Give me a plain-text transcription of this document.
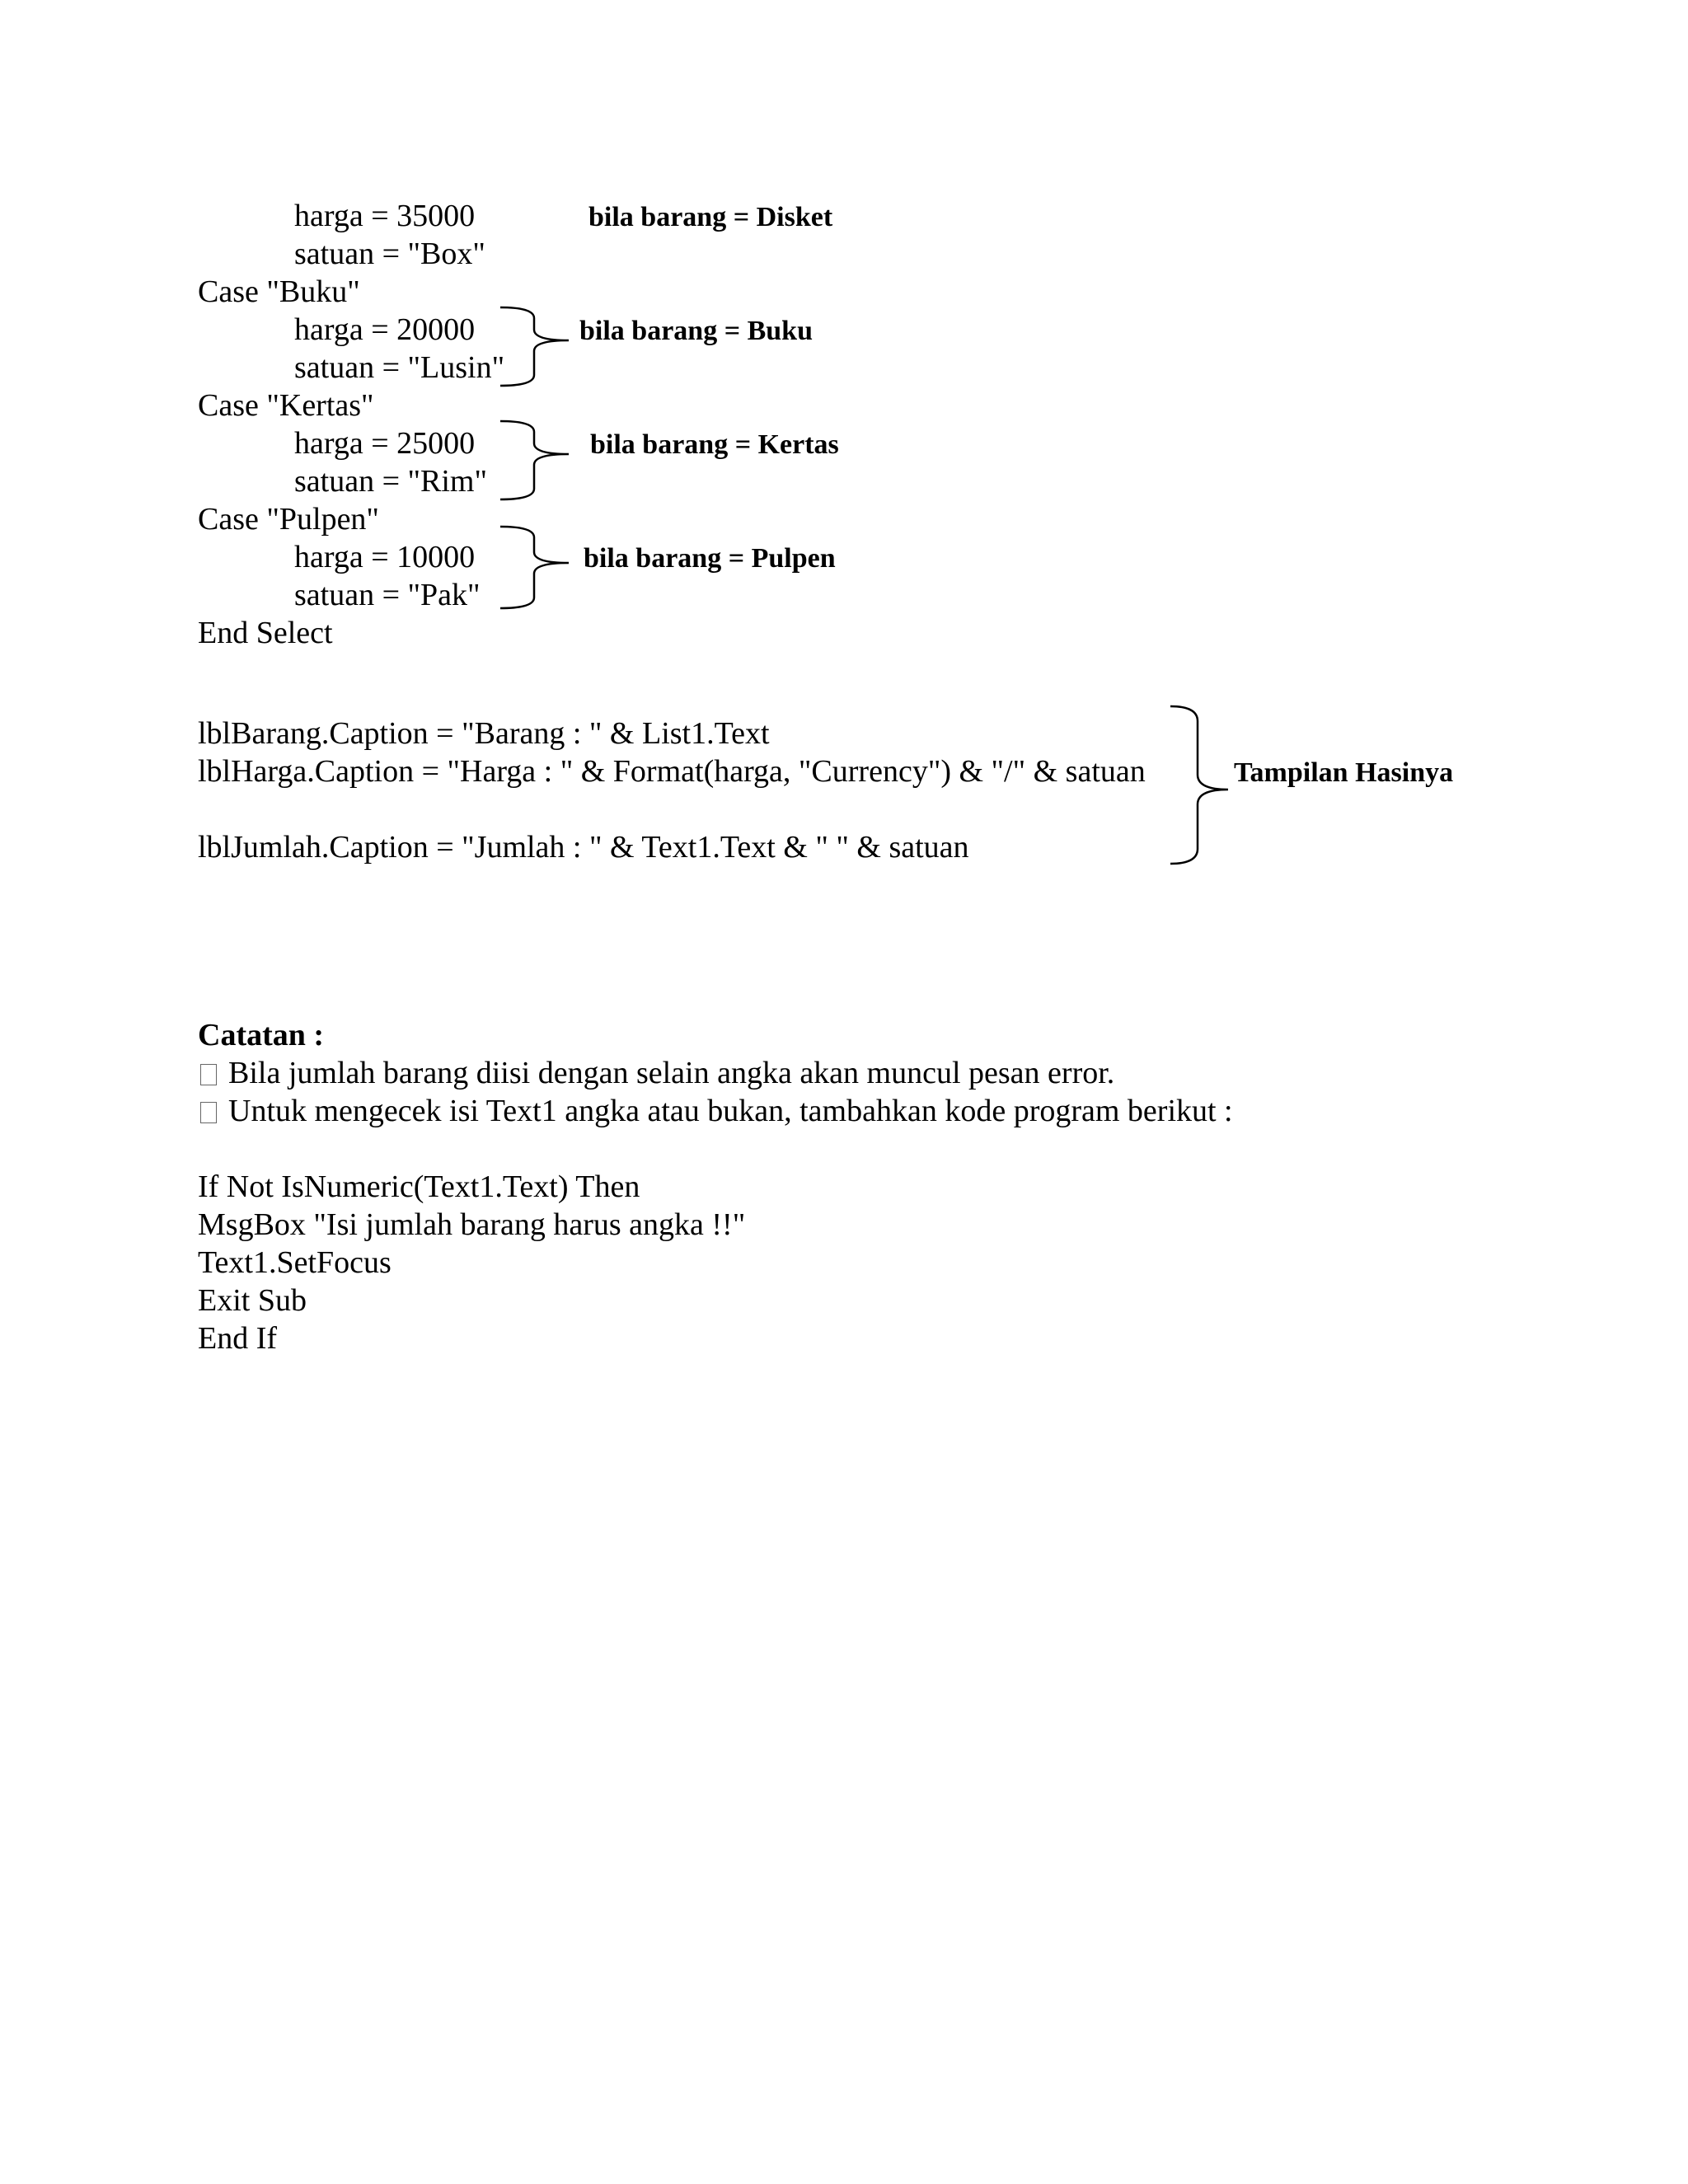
harga = 35000
satuan = "Box"
Case "Buku"
harga = 20000
satuan = "Lusin"
Case "Kertas"
harga = 25000
satuan = "Rim"
Case "Pulpen"
harga = 10000
satuan = "Pak"
End Select
bila barang = Disket
bila barang = Buku
bila barang = Kertas
bila barang = Pulpen
lblBarang.Caption = "Barang : " & List1.Text
lblHarga.Caption = "Harga : " & Format(harga, "Currency") & "/" & satuan
lblJumlah.Caption = "Jumlah : " & Text1.Text & " " & satuan
Tampilan Hasinya
Catatan :
Bila jumlah barang diisi dengan selain angka akan muncul pesan error.
Untuk mengecek isi Text1 angka atau bukan, tambahkan kode program berikut :
If Not IsNumeric(Text1.Text) Then
MsgBox "Isi jumlah barang harus angka !!"
Text1.SetFocus
Exit Sub
End If
